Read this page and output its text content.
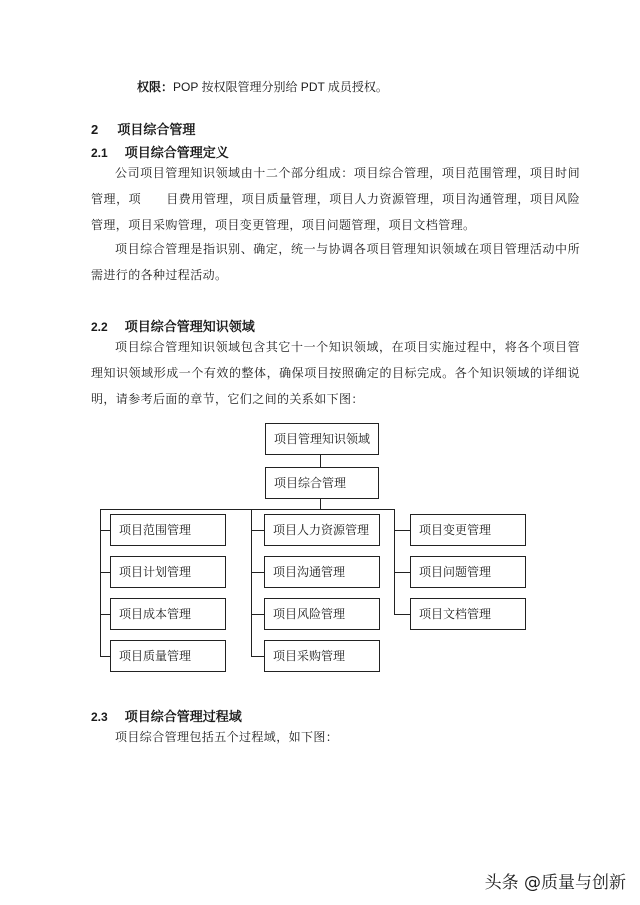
权限：POP 按权限管理分别给 PDT 成员授权。
2 项目综合管理
2.1 项目综合管理定义
公司项目管理知识领域由十二个部分组成：项目综合管理，项目范围管理，项目时间管理，项　　目费用管理，项目质量管理，项目人力资源管理，项目沟通管理，项目风险管理，项目采购管理，项目变更管理，项目问题管理，项目文档管理。
项目综合管理是指识别、确定，统一与协调各项目管理知识领域在项目管理活动中所需进行的各种过程活动。
2.2 项目综合管理知识领域
项目综合管理知识领域包含其它十一个知识领域，在项目实施过程中，将各个项目管理知识领域形成一个有效的整体，确保项目按照确定的目标完成。各个知识领域的详细说明，请参考后面的章节，它们之间的关系如下图：
项目管理知识领域
项目综合管理
项目范围管理
项目计划管理
项目成本管理
项目质量管理
项目人力资源管理
项目沟通管理
项目风险管理
项目采购管理
项目变更管理
项目问题管理
项目文档管理
2.3 项目综合管理过程域
项目综合管理包括五个过程域，如下图：
头条 @质量与创新
